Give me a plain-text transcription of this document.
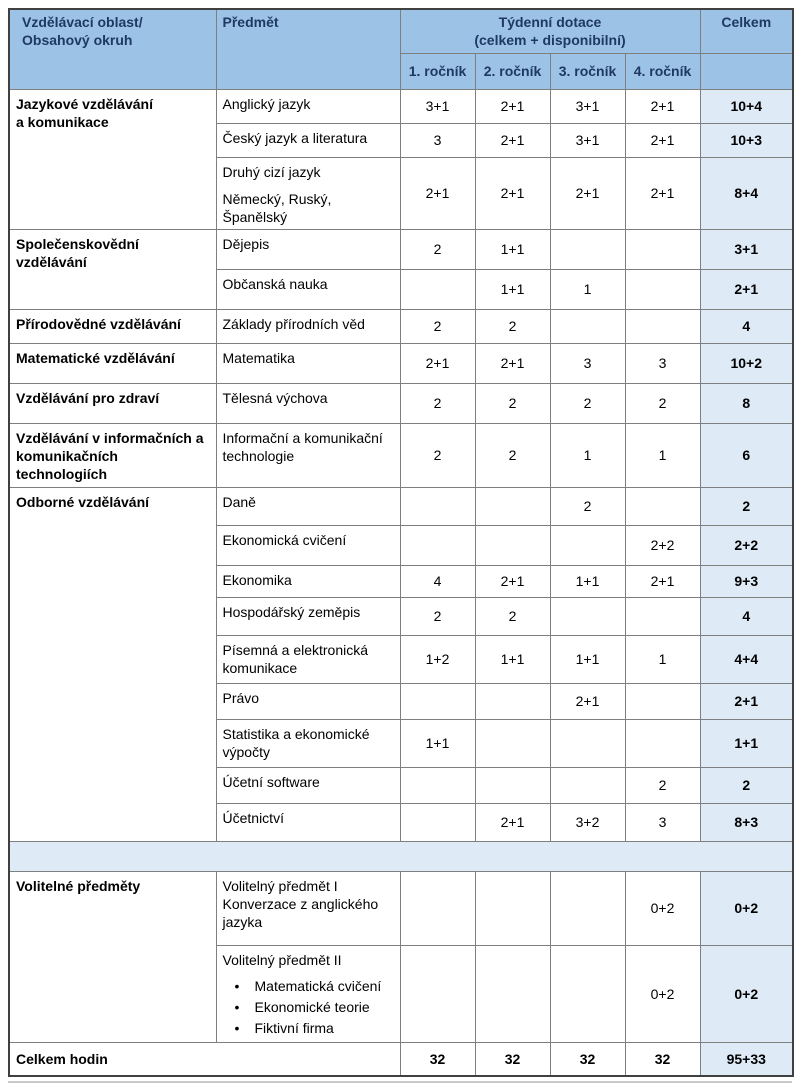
Vzdělávací oblast/
Obsahový okruh
	Předmět	Týdenní dotace
(celkem + disponibilní)
	Celkem
		1. ročník	2. ročník	3. ročník	4. ročník	

Jazykové vzdělávání
a komunikace	Anglický jazyk	3+1	2+1	3+1	2+1	10+4
	Český jazyk a literatura	3	2+1	3+1	2+1	10+3

	Druhý cizí jazyk
Německý, Ruský, Španělský	2+1	2+1	2+1	2+1	8+4
Společenskovědní vzdělávání	Dějepis	2	1+1			3+1
	Občanská nauka		1+1	1		2+1
Přírodovědné vzdělávání	Základy přírodních věd	2	2			4
Matematické vzdělávání	Matematika	2+1	2+1	3	3	10+2
Vzdělávání pro zdraví	Tělesná výchova	2	2	2	2	8

Vzdělávání v informačních a
komunikačních technologiích	Informační a komunikační technologie	2	2	1	1	6
Odborné vzdělávání	Daně			2		2
	Ekonomická cvičení				2+2	2+2
	Ekonomika	4	2+1	1+1	2+1	9+3
	Hospodářský zeměpis	2	2			4
	Písemná a elektronická komunikace	1+2	1+1	1+1	1	4+4
	Právo			2+1		2+1
	Statistika a ekonomické výpočty	1+1				1+1
	Účetní software				2	2
	Účetnictví		2+1	3+2	3	8+3

Volitelné předměty	Volitelný předmět I
Konverzace z anglického jazyka				0+2	0+2

Volitelný předmět II
•	Matematická cvičení
•	Ekonomické teorie
•	Fiktivní firma
				0+2	0+2
Celkem hodin		32	32	32	32	95+33
